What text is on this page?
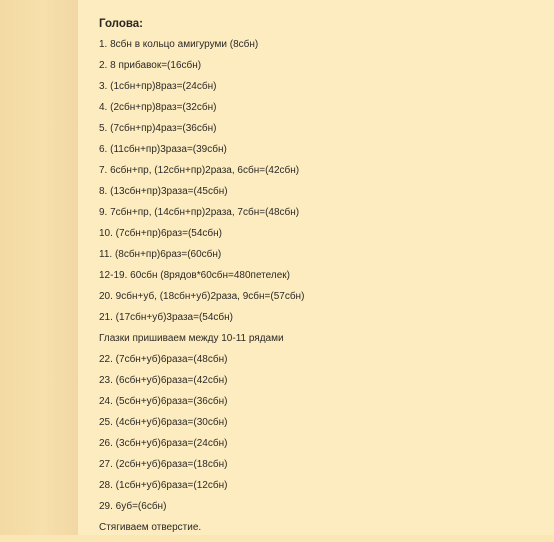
Голова:
1. 8сбн в кольцо амигуруми (8сбн)
2. 8 прибавок=(16сбн)
3. (1сбн+пр)8раз=(24сбн)
4. (2сбн+пр)8раз=(32сбн)
5. (7сбн+пр)4раз=(36сбн)
6. (11сбн+пр)3раза=(39сбн)
7. 6сбн+пр, (12сбн+пр)2раза, 6сбн=(42сбн)
8. (13сбн+пр)3раза=(45сбн)
9. 7сбн+пр, (14сбн+пр)2раза, 7сбн=(48сбн)
10. (7сбн+пр)6раз=(54сбн)
11. (8сбн+пр)6раз=(60сбн)
12-19. 60сбн (8рядов*60сбн=480петелек)
20. 9сбн+уб, (18сбн+уб)2раза, 9сбн=(57сбн)
21. (17сбн+уб)3раза=(54сбн)
Глазки пришиваем между 10-11 рядами
22. (7сбн+уб)6раза=(48сбн)
23. (6сбн+уб)6раза=(42сбн)
24. (5сбн+уб)6раза=(36сбн)
25. (4сбн+уб)6раза=(30сбн)
26. (3сбн+уб)6раза=(24сбн)
27. (2сбн+уб)6раза=(18сбн)
28. (1сбн+уб)6раза=(12сбн)
29. 6уб=(6сбн)
Стягиваем отверстие.
